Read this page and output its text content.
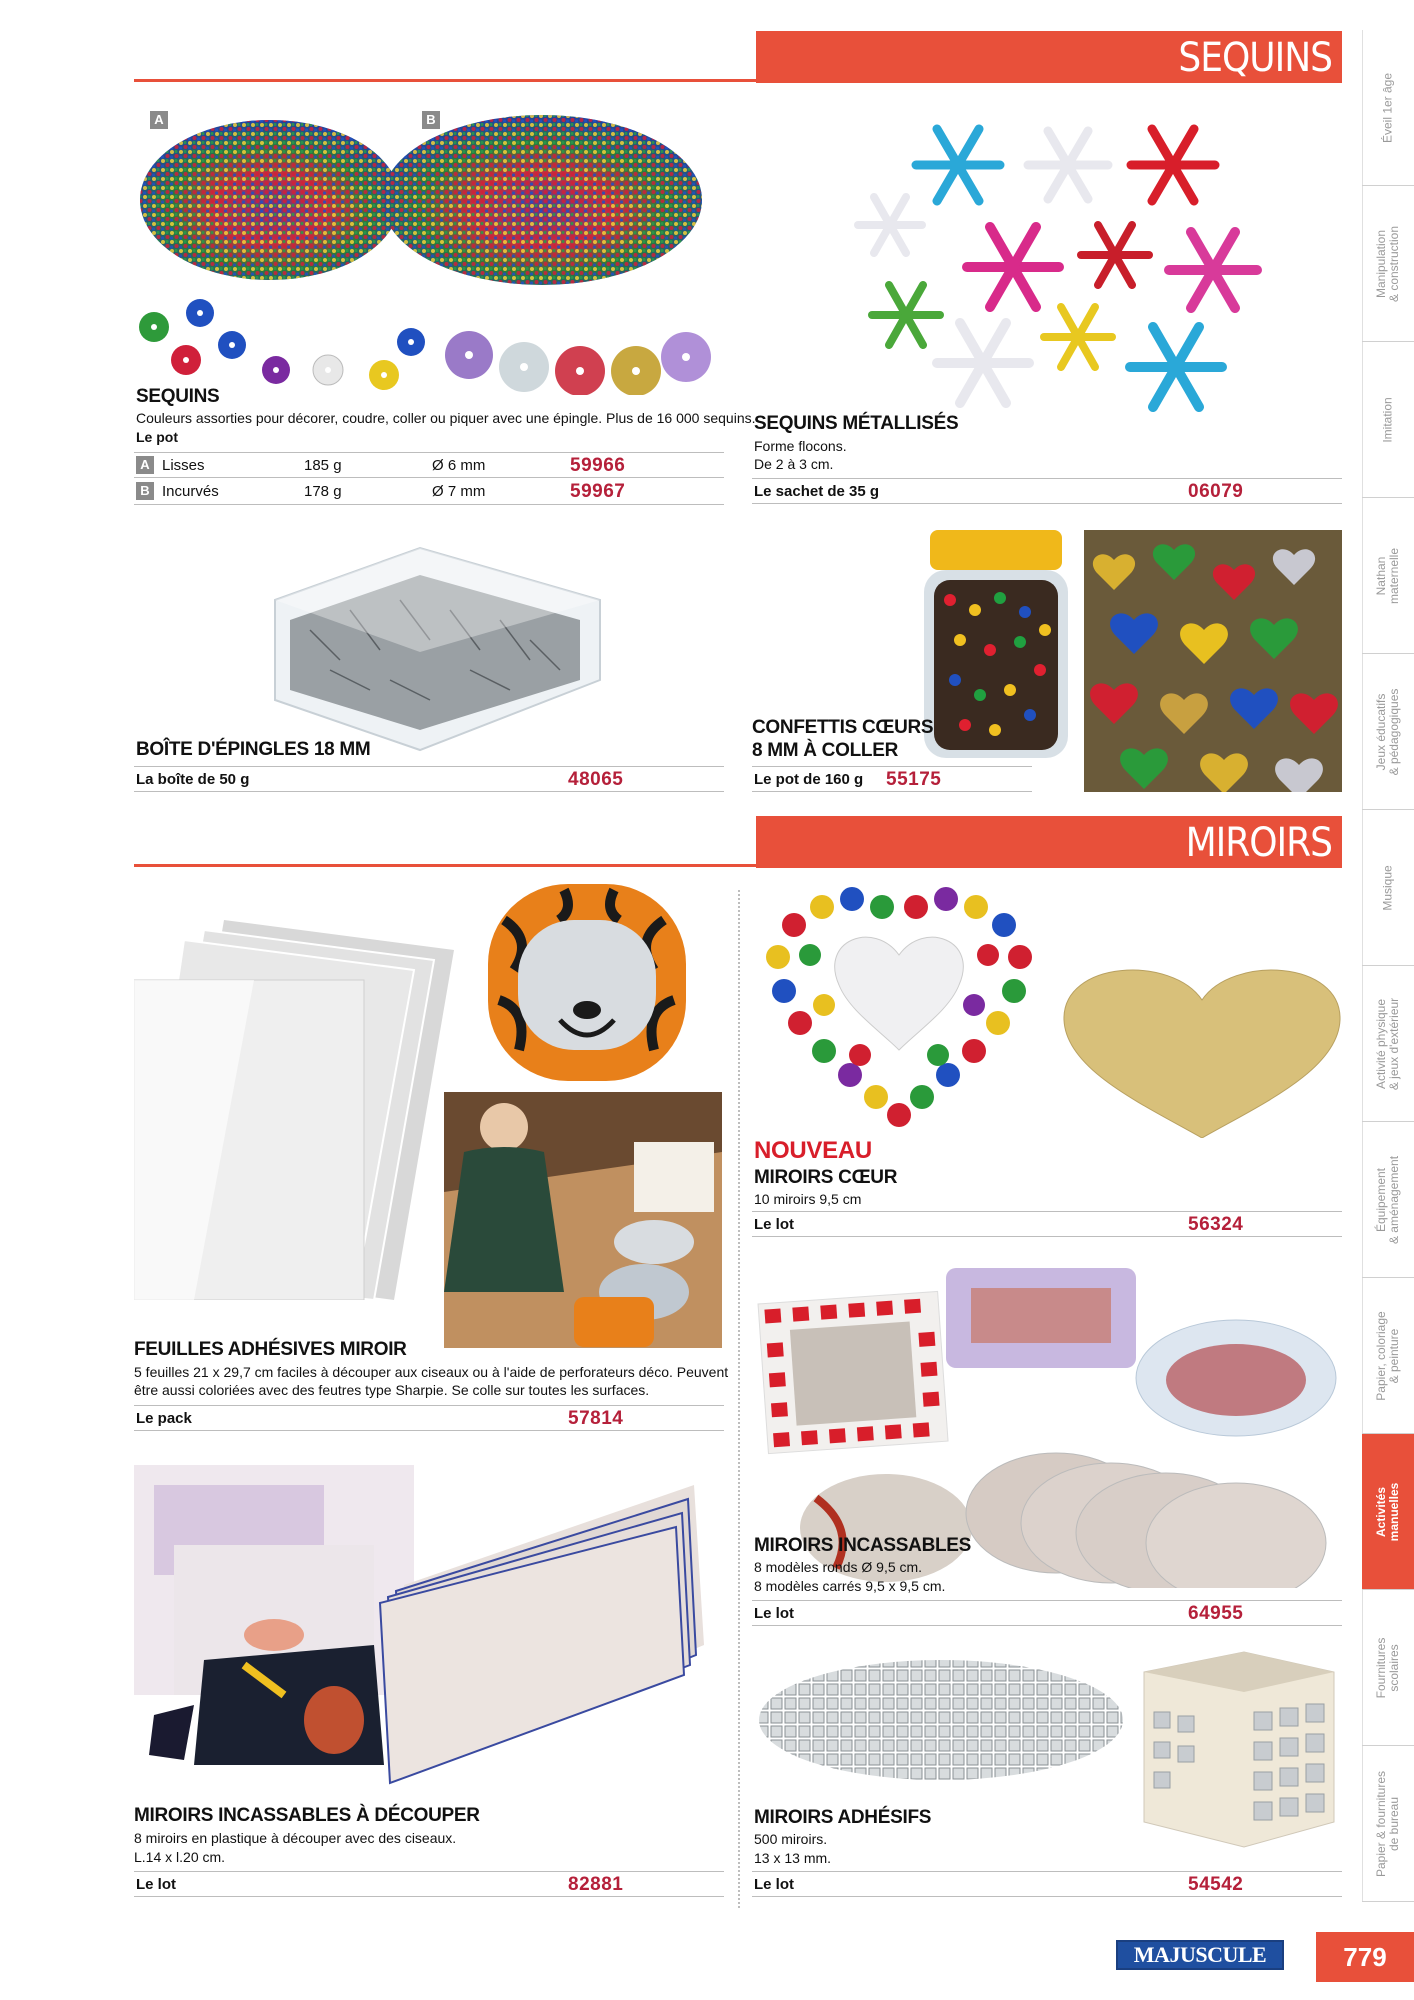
SEQUINS
A	B
SEQUINS
Couleurs assorties pour décorer, coudre, coller ou piquer avec une épingle. Plus de 16 000 sequins.
Le pot
A Lisses	185 g	Ø 6 mm	59966
B Incurvés	178 g	Ø 7 mm	59967
SEQUINS MÉTALLISÉS
Forme flocons.
De 2 à 3 cm.
Le sachet de 35 g	06079
BOÎTE D'ÉPINGLES 18 MM
La boîte de 50 g	48065
CONFETTIS CŒURS
8 MM À COLLER
Le pot de 160 g 55175
MIROIRS
FEUILLES ADHÉSIVES MIROIR
5 feuilles 21 x 29,7 cm faciles à découper aux ciseaux ou à l'aide de perforateurs déco. Peuvent
être aussi coloriées avec des feutres type Sharpie. Se colle sur toutes les surfaces.
Le pack	57814
NOUVEAU
MIROIRS CŒUR
10 miroirs 9,5 cm
Le lot	56324
MIROIRS INCASSABLES
8 modèles ronds Ø 9,5 cm.
8 modèles carrés 9,5 x 9,5 cm.
Le lot	64955
MIROIRS INCASSABLES À DÉCOUPER
8 miroirs en plastique à découper avec des ciseaux.
L.14 x l.20 cm.
Le lot	82881
MIROIRS ADHÉSIFS
500 miroirs.
13 x 13 mm.
Le lot	54542
Éveil 1er âge
Manipulation & construction
Imitation
Nathan maternelle
Jeux éducatifs & pédagogiques
Musique
Activité physique & jeux d'extérieur
Équipement & aménagement
Papier, coloriage & peinture
Activités manuelles
Fournitures scolaires
Papier & fournitures de bureau
MAJUSCULE	779
